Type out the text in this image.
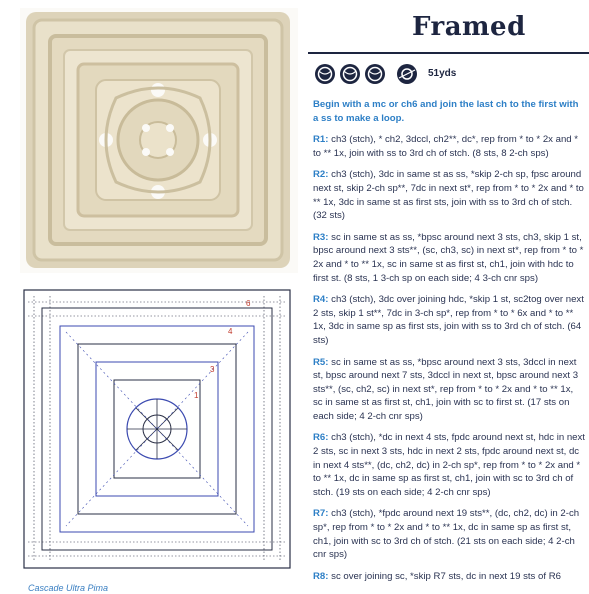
6
4
3
1
Cascade Ultra Pima
Framed
51yds
Begin with a mc or ch6 and join the last ch to the first with a ss to make a loop.
R1: ch3 (stch), * ch2, 3dccl, ch2**, dc*, rep from * to * 2x and * to ** 1x, join with ss to 3rd ch of stch. (8 sts, 8 2-ch sps)
R2: ch3 (stch), 3dc in same st as ss, *skip 2-ch sp, fpsc around next st, skip 2-ch sp**, 7dc in next st*, rep from * to * 2x and * to ** 1x, 3dc in same st as first sts, join with ss to 3rd ch of stch. (32 sts)
R3: sc in same st as ss, *bpsc around next 3 sts, ch3, skip 1 st, bpsc around next 3 sts**, (sc, ch3, sc) in next st*, rep from * to * 2x and * to ** 1x, sc in same st as first st, ch1, join with hdc to first st. (8 sts, 1 3-ch sp on each side; 4 3-ch cnr sps)
R4: ch3 (stch), 3dc over joining hdc, *skip 1 st, sc2tog over next 2 sts, skip 1 st**, 7dc in 3-ch sp*, rep from * to * 6x and * to ** 1x, 3dc in same sp as first sts, join with ss to 3rd ch of stch. (64 sts)
R5: sc in same st as ss, *bpsc around next 3 sts, 3dccl in next st, bpsc around next 7 sts, 3dccl in next st, bpsc around next 3 sts**, (sc, ch2, sc) in next st*, rep from * to * 2x and * to ** 1x, sc in same st as first st, ch1, join with sc to first st. (17 sts on each side; 4 2-ch cnr sps)
R6: ch3 (stch), *dc in next 4 sts, fpdc around next st, hdc in next 2 sts, sc in next 3 sts, hdc in next 2 sts, fpdc around next st, dc in next 4 sts**, (dc, ch2, dc) in 2-ch sp*, rep from * to * 2x and * to ** 1x, dc in same sp as first st, ch1, join with sc to 3rd ch of stch. (19 sts on each side; 4 2-ch cnr sps)
R7: ch3 (stch), *fpdc around next 19 sts**, (dc, ch2, dc) in 2-ch sp*, rep from * to * 2x and * to ** 1x, dc in same sp as first st, ch1, join with sc to 3rd ch of stch. (21 sts on each side; 4 2-ch cnr sps)
R8: sc over joining sc, *skip R7 sts, dc in next 19 sts of R6
